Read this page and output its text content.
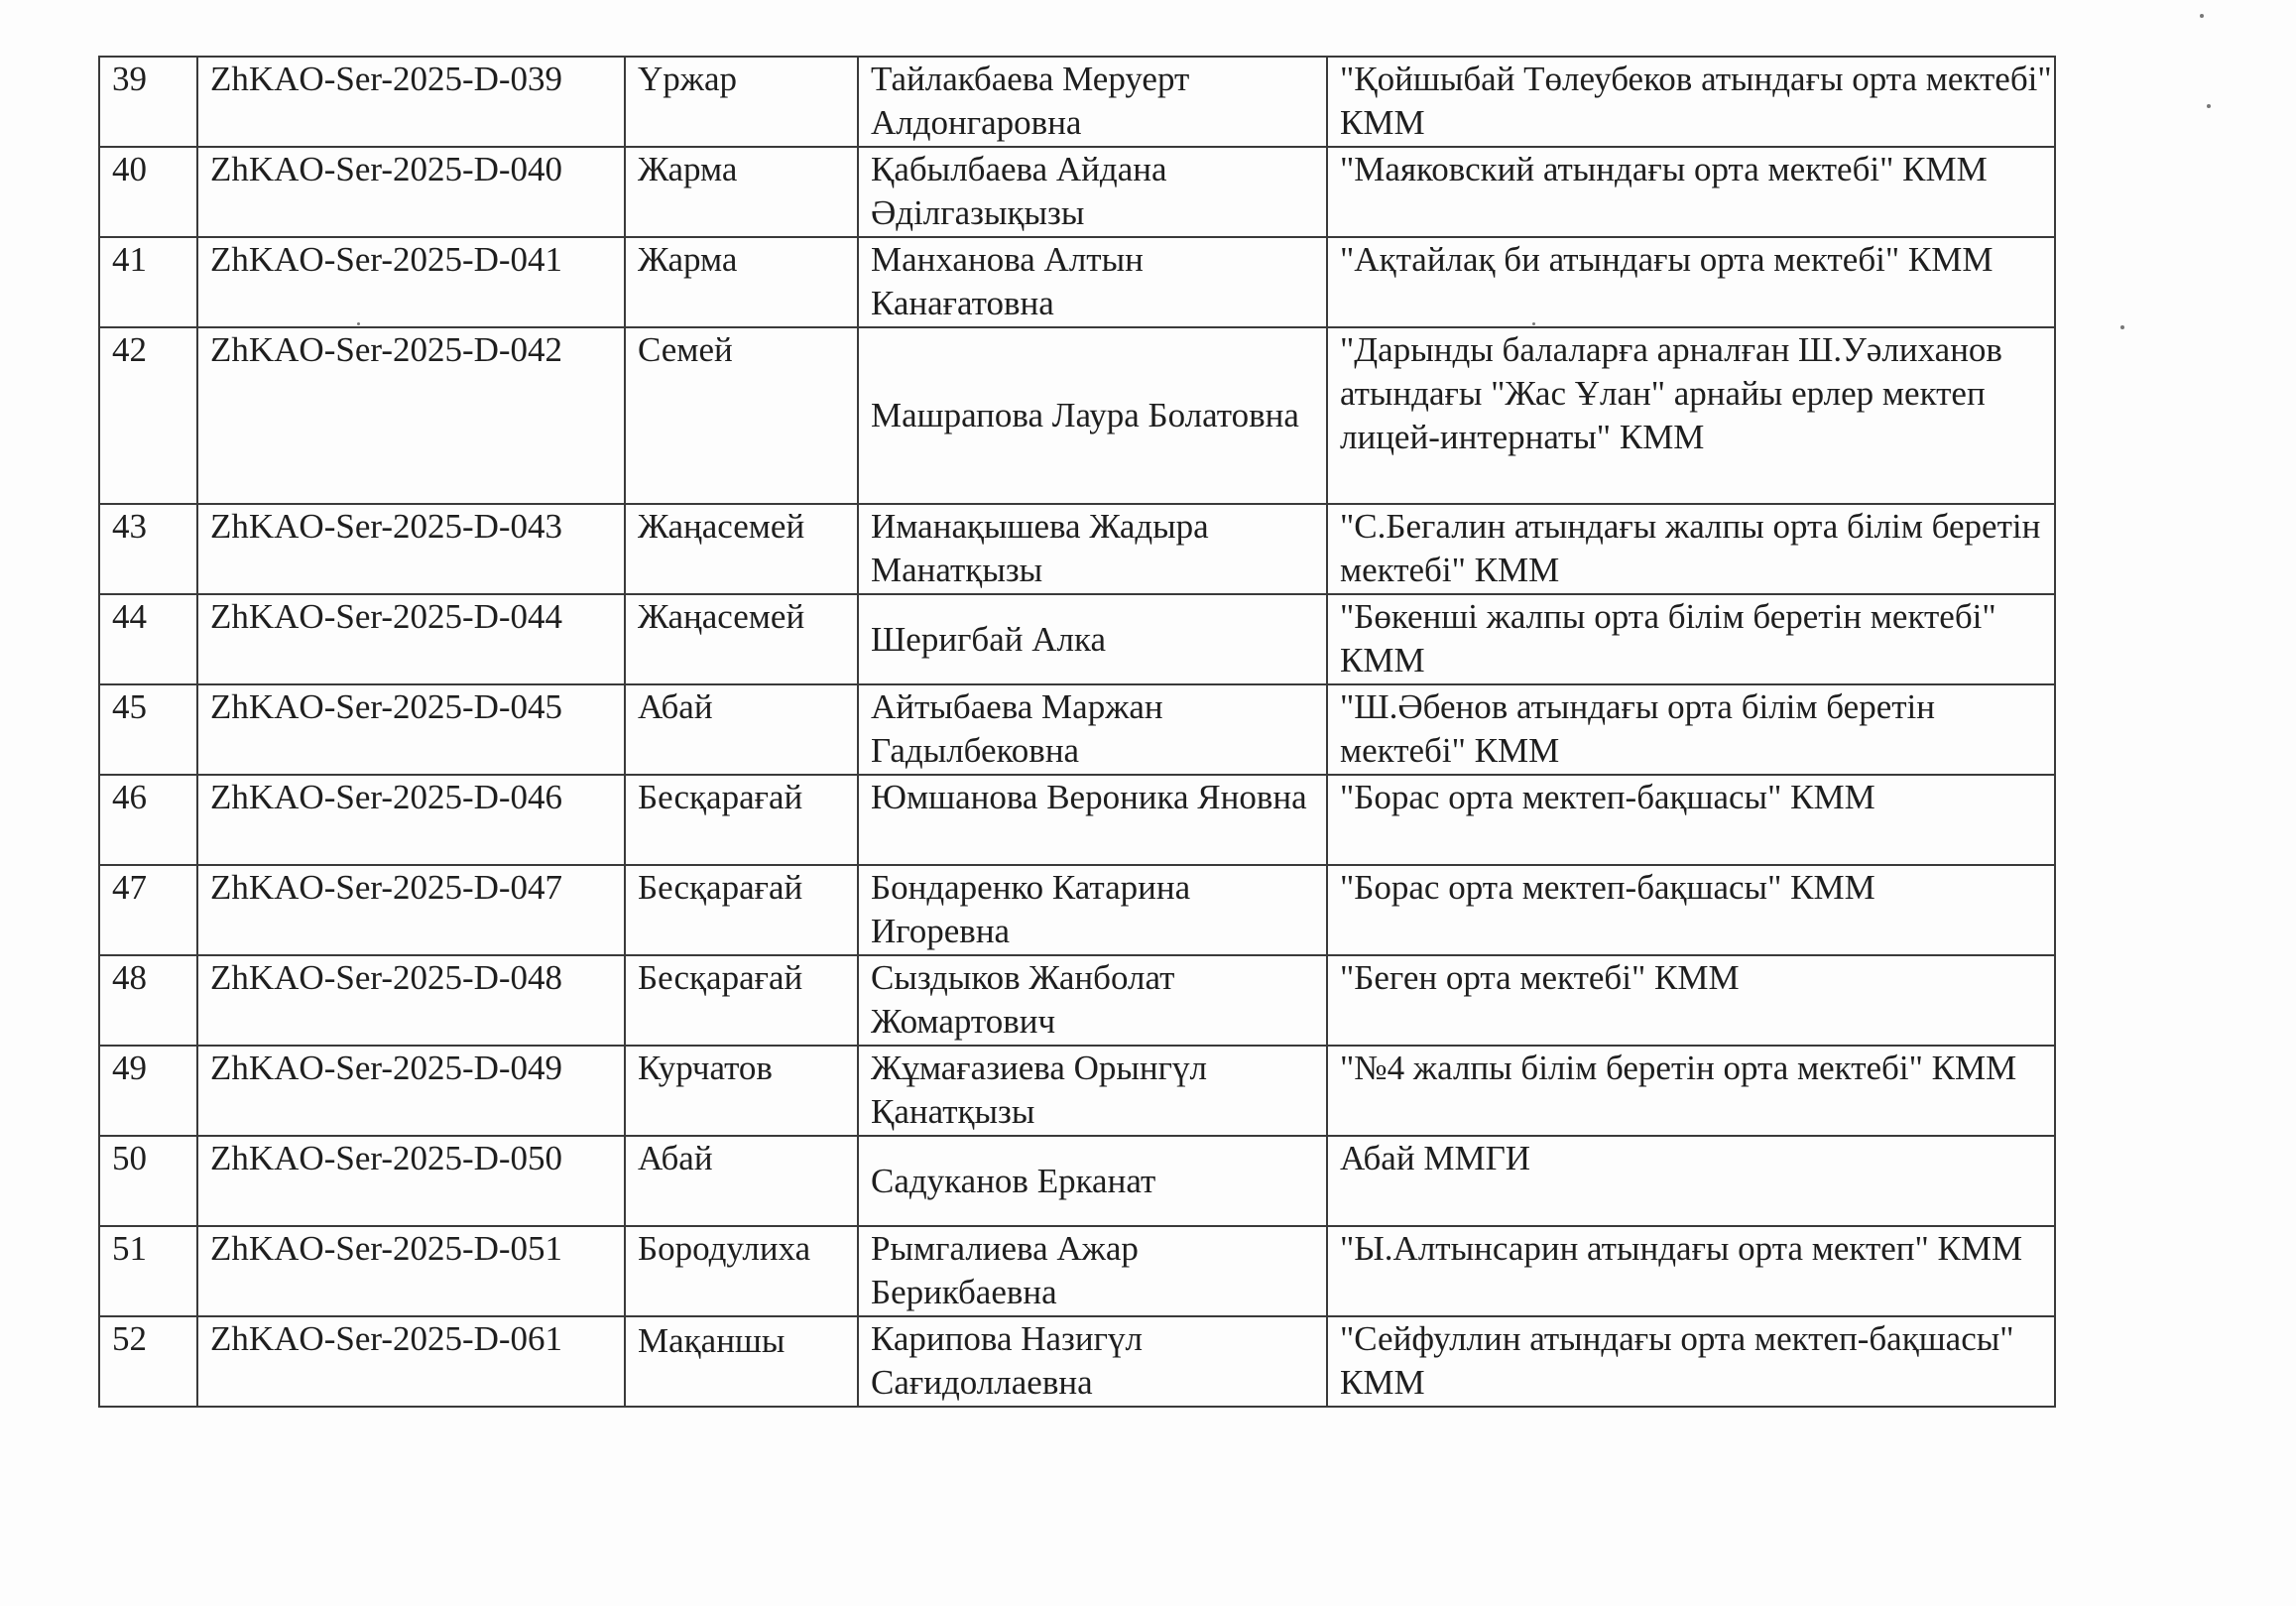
39	ZhKAO-Ser-2025-D-039	Үржар	Тайлакбаева Меруерт Алдонгаровна	"Қойшыбай Төлеубеков атындағы орта мектебі" КММ
40	ZhKAO-Ser-2025-D-040	Жарма	Қабылбаева Айдана Әділгазықызы	"Маяковский атындағы орта мектебі" КММ
41	ZhKAO-Ser-2025-D-041	Жарма	Манханова Алтын Канағатовна	"Ақтайлақ би атындағы орта мектебі" КММ
42	ZhKAO-Ser-2025-D-042	Семей	Машрапова Лаура Болатовна	"Дарынды балаларға арналған Ш.Уәлиханов атындағы "Жас Ұлан" арнайы ерлер мектеп лицей-интернаты" КММ
43	ZhKAO-Ser-2025-D-043	Жаңасемей	Иманақышева Жадыра Манатқызы	"С.Бегалин атындағы жалпы орта білім беретін мектебі" КММ
44	ZhKAO-Ser-2025-D-044	Жаңасемей	Шеригбай Алка	"Бөкенші жалпы орта білім беретін мектебі" КММ
45	ZhKAO-Ser-2025-D-045	Абай	Айтыбаева Маржан Гадылбековна	"Ш.Әбенов атындағы орта білім беретін мектебі" КММ
46	ZhKAO-Ser-2025-D-046	Бесқарағай	Юмшанова Вероника Яновна	"Борас орта мектеп-бақшасы" КММ
47	ZhKAO-Ser-2025-D-047	Бесқарағай	Бондаренко Катарина Игоревна	"Борас орта мектеп-бақшасы" КММ
48	ZhKAO-Ser-2025-D-048	Бесқарағай	Сыздыков Жанболат Жомартович	"Беген орта мектебі" КММ
49	ZhKAO-Ser-2025-D-049	Курчатов	Жұмағазиева Орынгүл Қанатқызы	"№4 жалпы білім беретін орта мектебі" КММ
50	ZhKAO-Ser-2025-D-050	Абай	Садуканов Ерканат	Абай ММГИ
51	ZhKAO-Ser-2025-D-051	Бородулиха	Рымгалиева Ажар Берикбаевна	"Ы.Алтынсарин атындағы орта мектеп" КММ
52	ZhKAO-Ser-2025-D-061	Мақаншы	Карипова Назигүл Сағидоллаевна	"Сейфуллин атындағы орта мектеп-бақшасы" КММ
